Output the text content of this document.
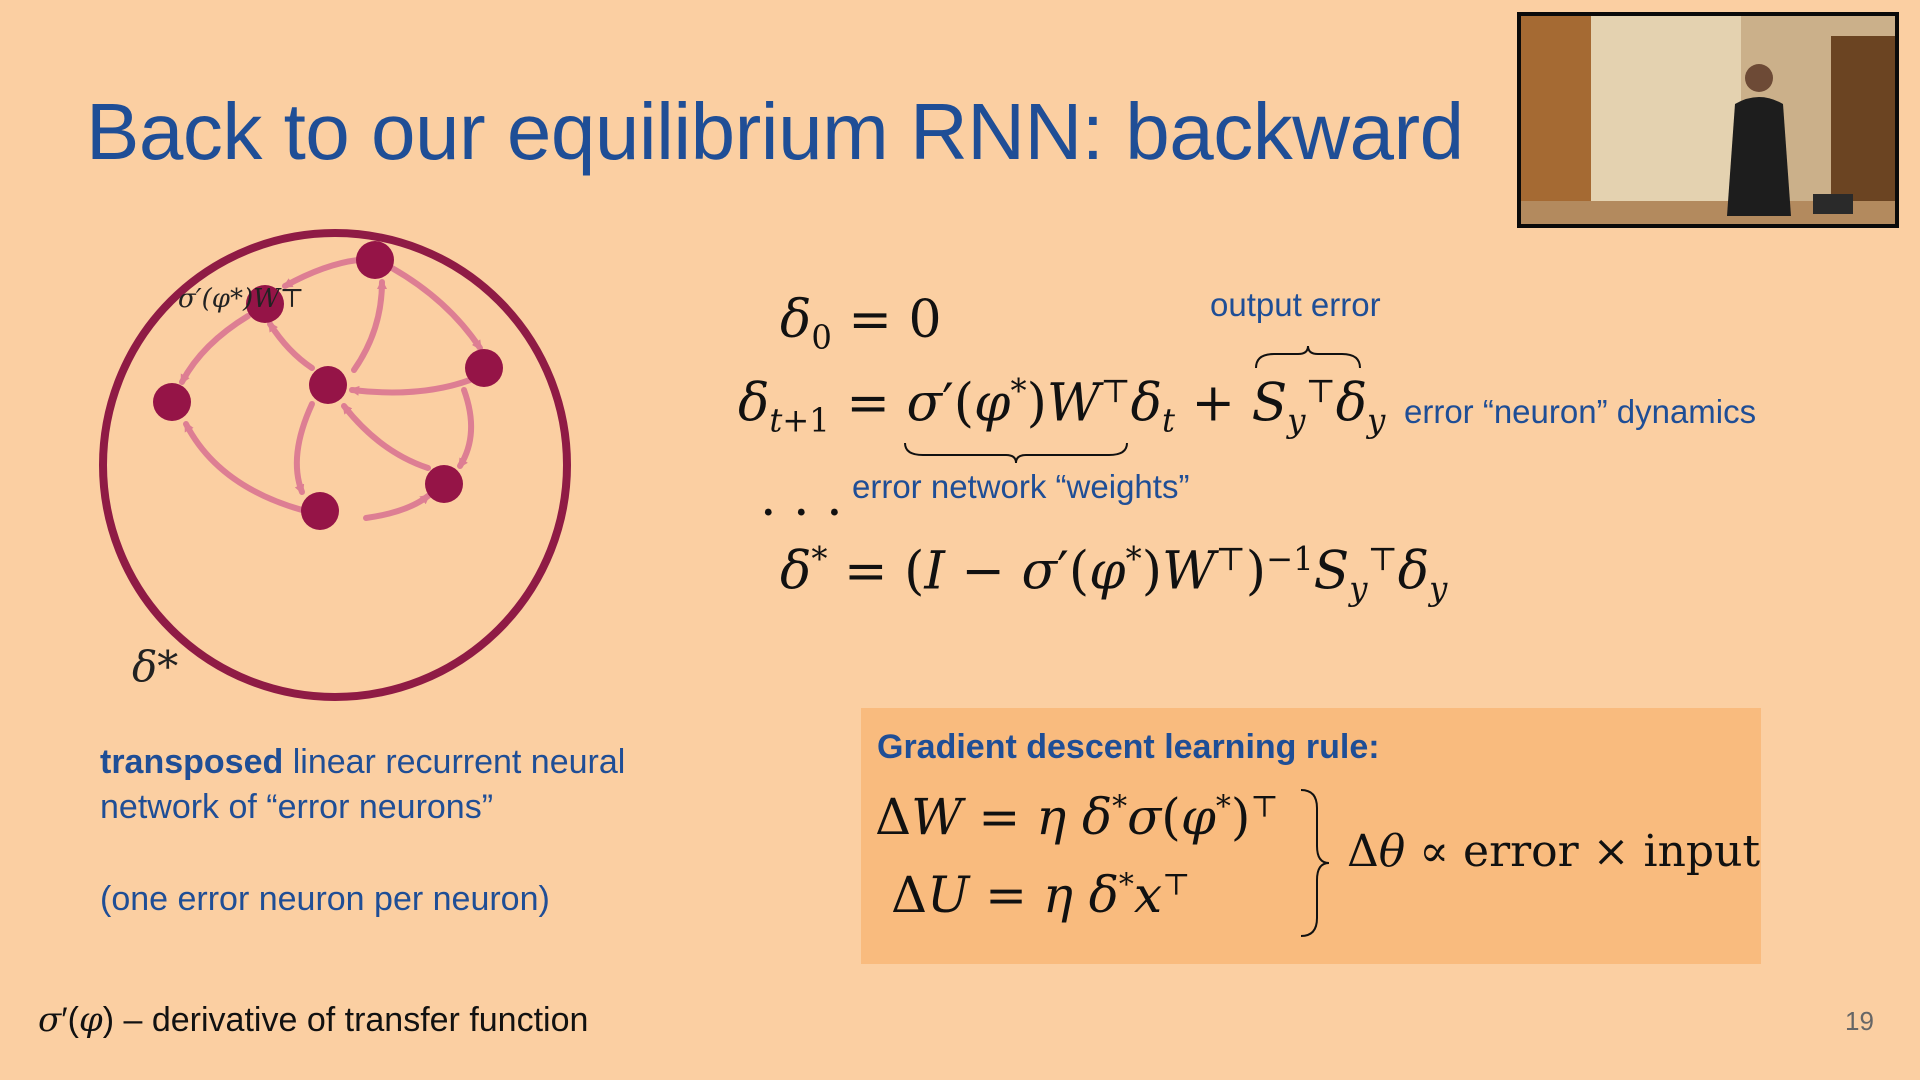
Back to our equilibrium RNN: backward
σ′(φ*)W⊤
δ*
transposed linear recurrent neural network of “error neurons”
(one error neuron per neuron)
$\delta_0 = 0$
$\delta_{t+1} = \sigma'(\varphi^*)W^⊤\delta_t + S_y^⊤\delta_y$
. . .
$\delta^* = (I - \sigma'(\varphi^*)W^⊤)^{-1}S_y^⊤\delta_y$
output error
error “neuron” dynamics
error network “weights”
Gradient descent learning rule:
ΔW = η δ*σ(φ*)⊤
ΔU = η δ*x⊤
Δθ ∝ error × input
σ′(φ) – derivative of transfer function	19
